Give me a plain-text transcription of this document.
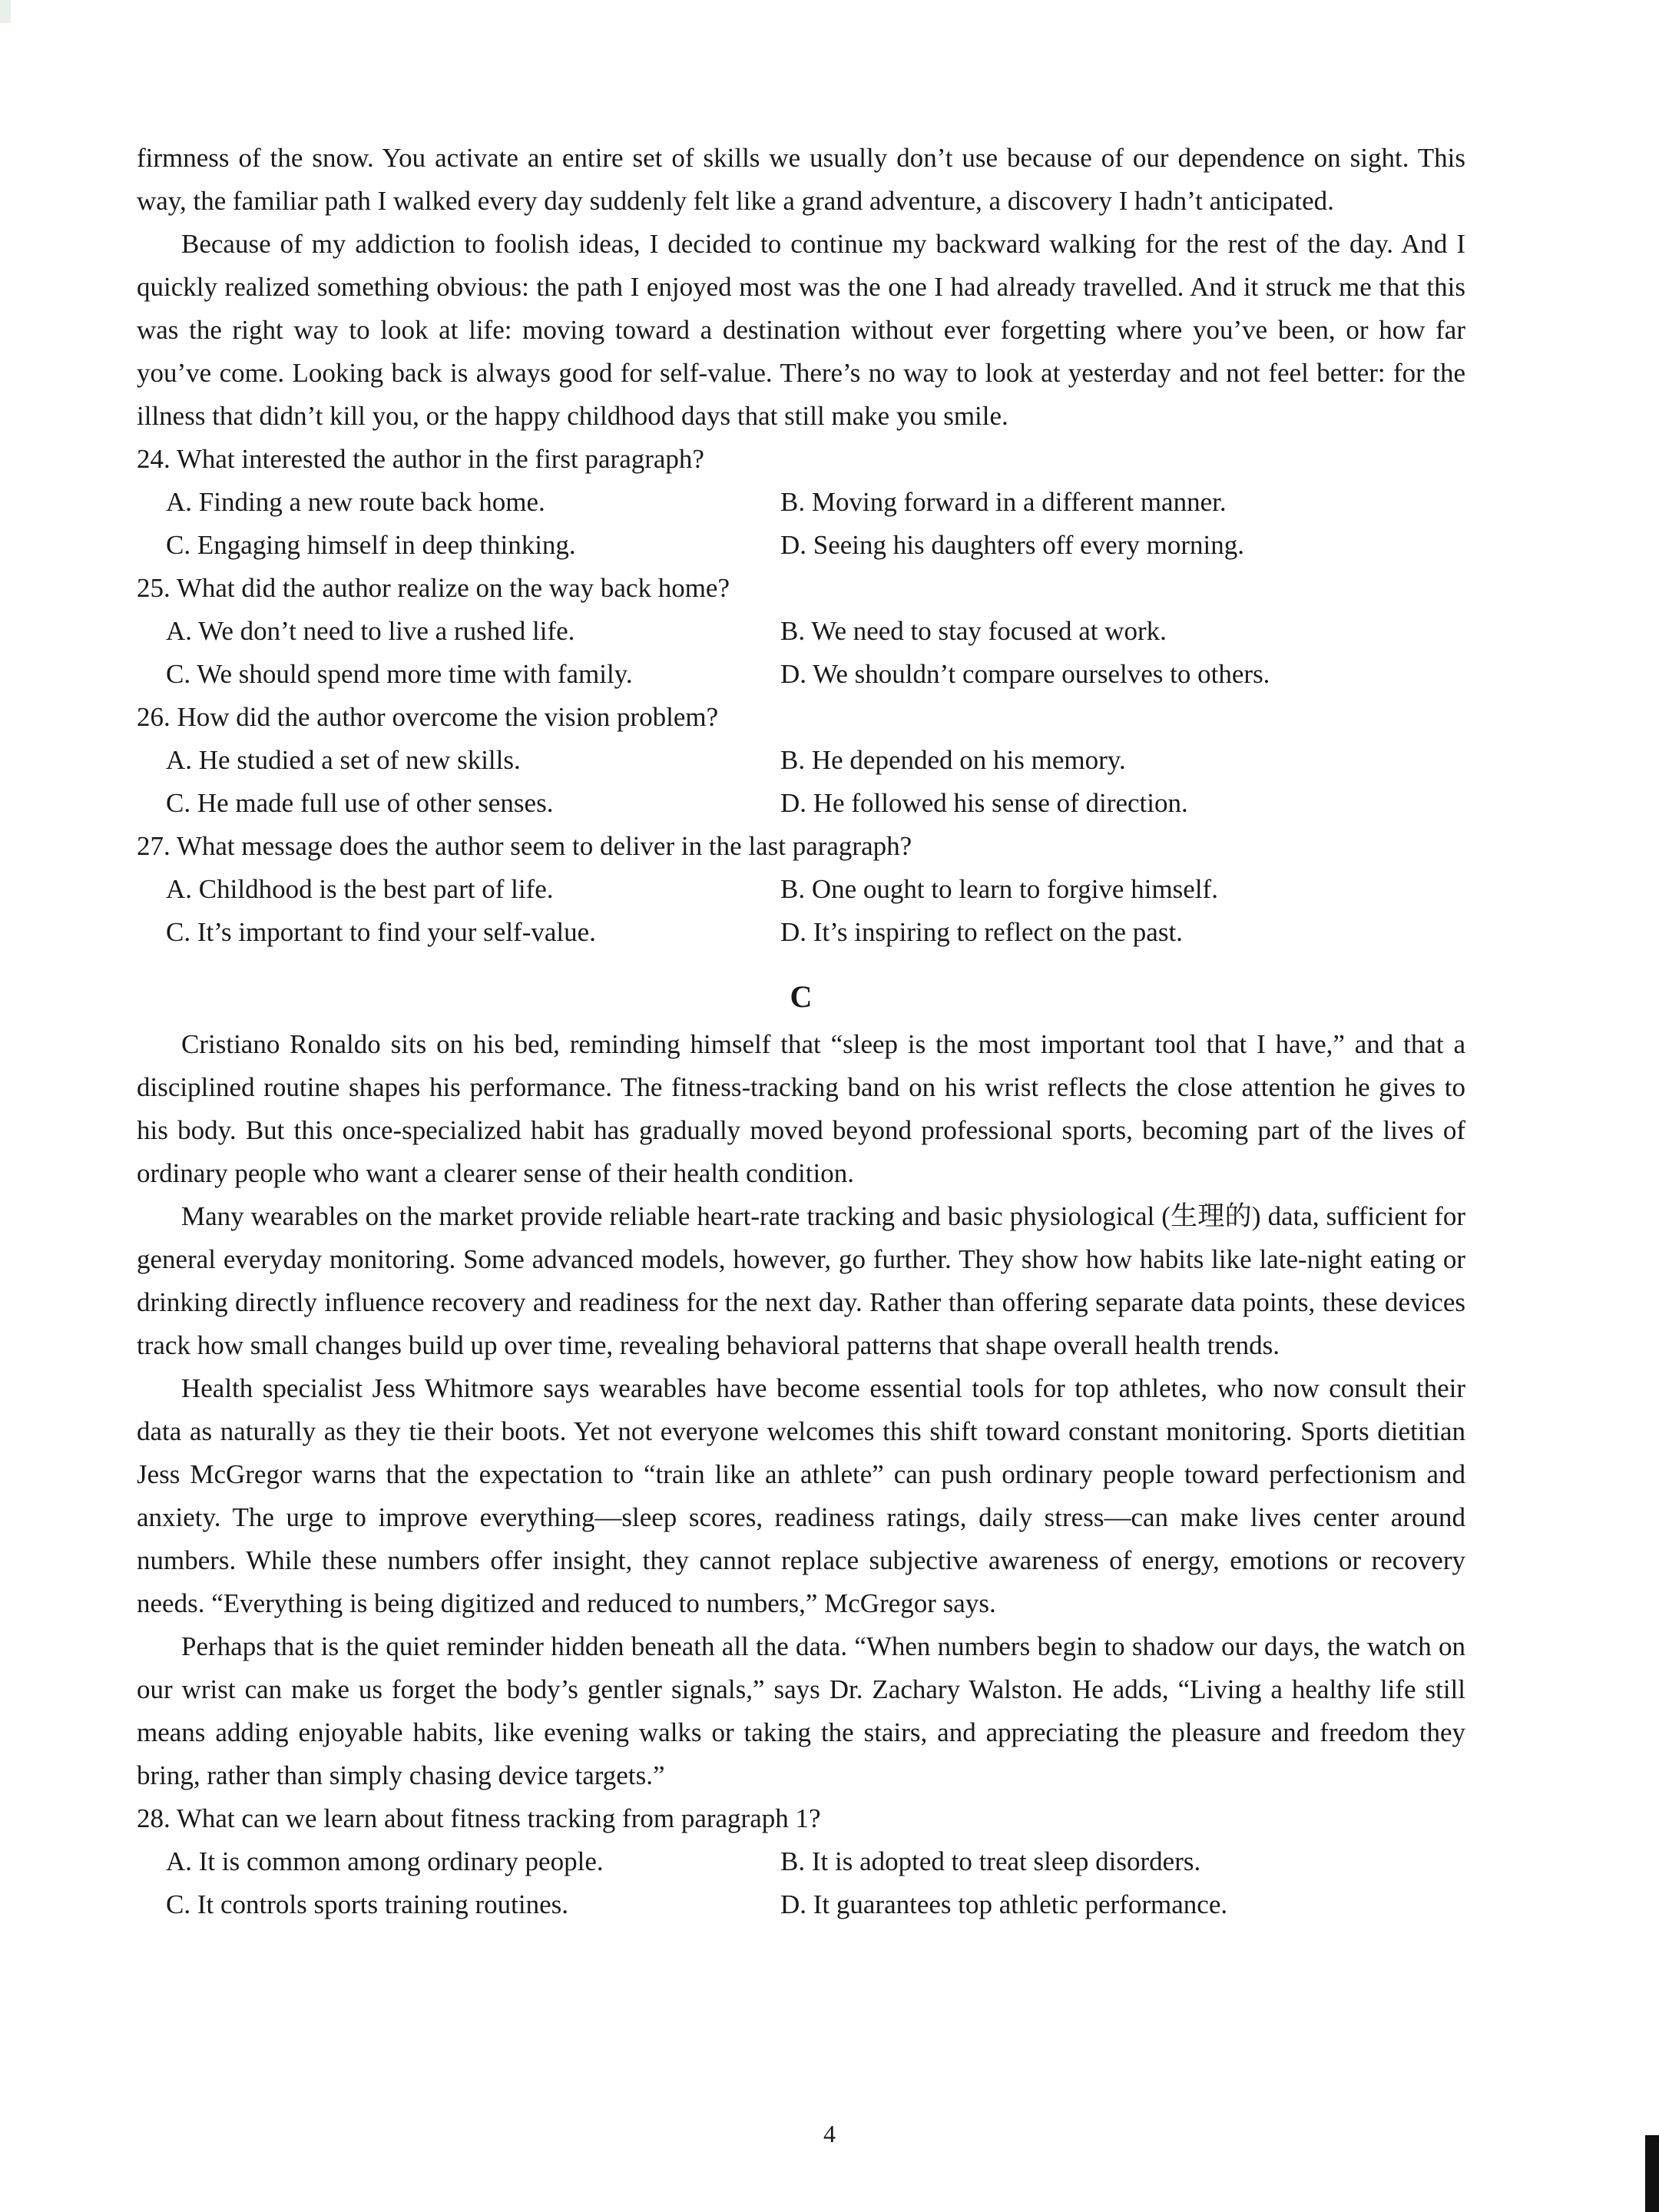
firmness of the snow. You activate an entire set of skills we usually don’t use because of our dependence on sight. This way, the familiar path I walked every day suddenly felt like a grand adventure, a discovery I hadn’t anticipated.

Because of my addiction to foolish ideas, I decided to continue my backward walking for the rest of the day. And I quickly realized something obvious: the path I enjoyed most was the one I had already travelled. And it struck me that this was the right way to look at life: moving toward a destination without ever forgetting where you’ve been, or how far you’ve come. Looking back is always good for self-value. There’s no way to look at yesterday and not feel better: for the illness that didn’t kill you, or the happy childhood days that still make you smile.

24. What interested the author in the first paragraph?

A. Finding a new route back home.	B. Moving forward in a different manner.
C. Engaging himself in deep thinking.	D. Seeing his daughters off every morning.

25. What did the author realize on the way back home?

A. We don’t need to live a rushed life.	B. We need to stay focused at work.
C. We should spend more time with family.	D. We shouldn’t compare ourselves to others.

26. How did the author overcome the vision problem?

A. He studied a set of new skills.	B. He depended on his memory.
C. He made full use of other senses.	D. He followed his sense of direction.

27. What message does the author seem to deliver in the last paragraph?

A. Childhood is the best part of life.	B. One ought to learn to forgive himself.
C. It’s important to find your self-value.	D. It’s inspiring to reflect on the past.
C

Cristiano Ronaldo sits on his bed, reminding himself that “sleep is the most important tool that I have,” and that a disciplined routine shapes his performance. The fitness-tracking band on his wrist reflects the close attention he gives to his body. But this once-specialized habit has gradually moved beyond professional sports, becoming part of the lives of ordinary people who want a clearer sense of their health condition.

Many wearables on the market provide reliable heart-rate tracking and basic physiological (生理的) data, sufficient for general everyday monitoring. Some advanced models, however, go further. They show how habits like late-night eating or drinking directly influence recovery and readiness for the next day. Rather than offering separate data points, these devices track how small changes build up over time, revealing behavioral patterns that shape overall health trends.

Health specialist Jess Whitmore says wearables have become essential tools for top athletes, who now consult their data as naturally as they tie their boots. Yet not everyone welcomes this shift toward constant monitoring. Sports dietitian Jess McGregor warns that the expectation to “train like an athlete” can push ordinary people toward perfectionism and anxiety. The urge to improve everything—sleep scores, readiness ratings, daily stress—can make lives center around numbers. While these numbers offer insight, they cannot replace subjective awareness of energy, emotions or recovery needs. “Everything is being digitized and reduced to numbers,” McGregor says.

Perhaps that is the quiet reminder hidden beneath all the data. “When numbers begin to shadow our days, the watch on our wrist can make us forget the body’s gentler signals,” says Dr. Zachary Walston. He adds, “Living a healthy life still means adding enjoyable habits, like evening walks or taking the stairs, and appreciating the pleasure and freedom they bring, rather than simply chasing device targets.”

28. What can we learn about fitness tracking from paragraph 1?

A. It is common among ordinary people.	B. It is adopted to treat sleep disorders.
C. It controls sports training routines.	D. It guarantees top athletic performance.
4
